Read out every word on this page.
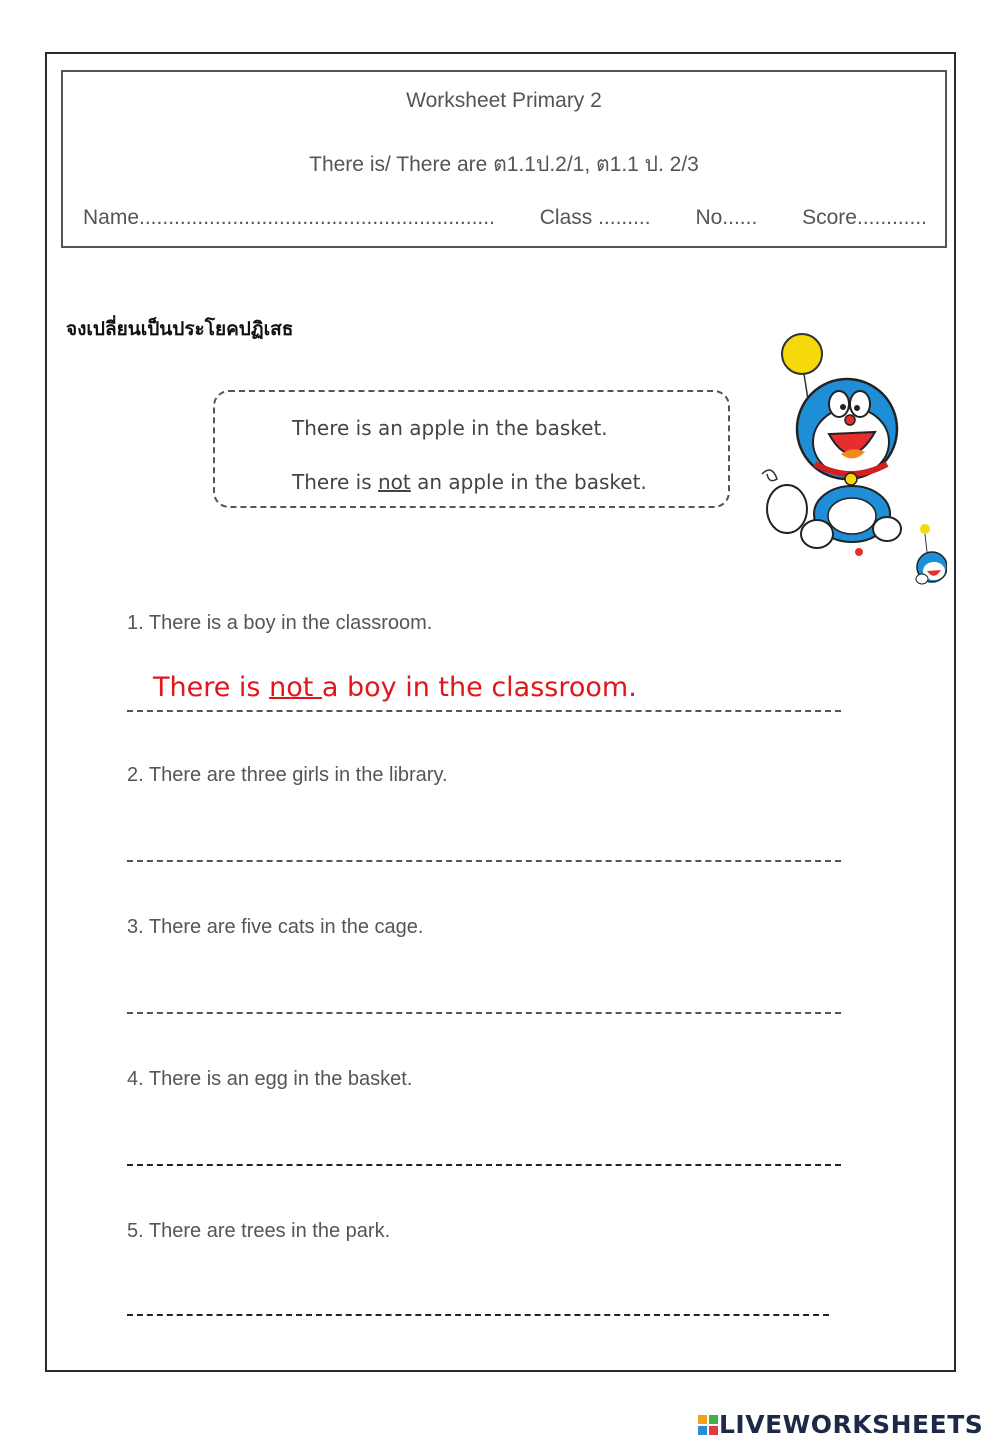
Worksheet Primary 2
There is/ There are ต1.1ป.2/1, ต1.1 ป. 2/3
Name............................................................. Class ......... No...... Score............
จงเปลี่ยนเป็นประโยคปฏิเสธ
There is an apple in the basket.
There is not an apple in the basket.
1. There is a boy in the classroom.
There is not a boy in the classroom.
2. There are three girls in the library.
3. There are five cats in the cage.
4. There is an egg in the basket.
5. There are trees in the park.
LIVEWORKSHEETS
